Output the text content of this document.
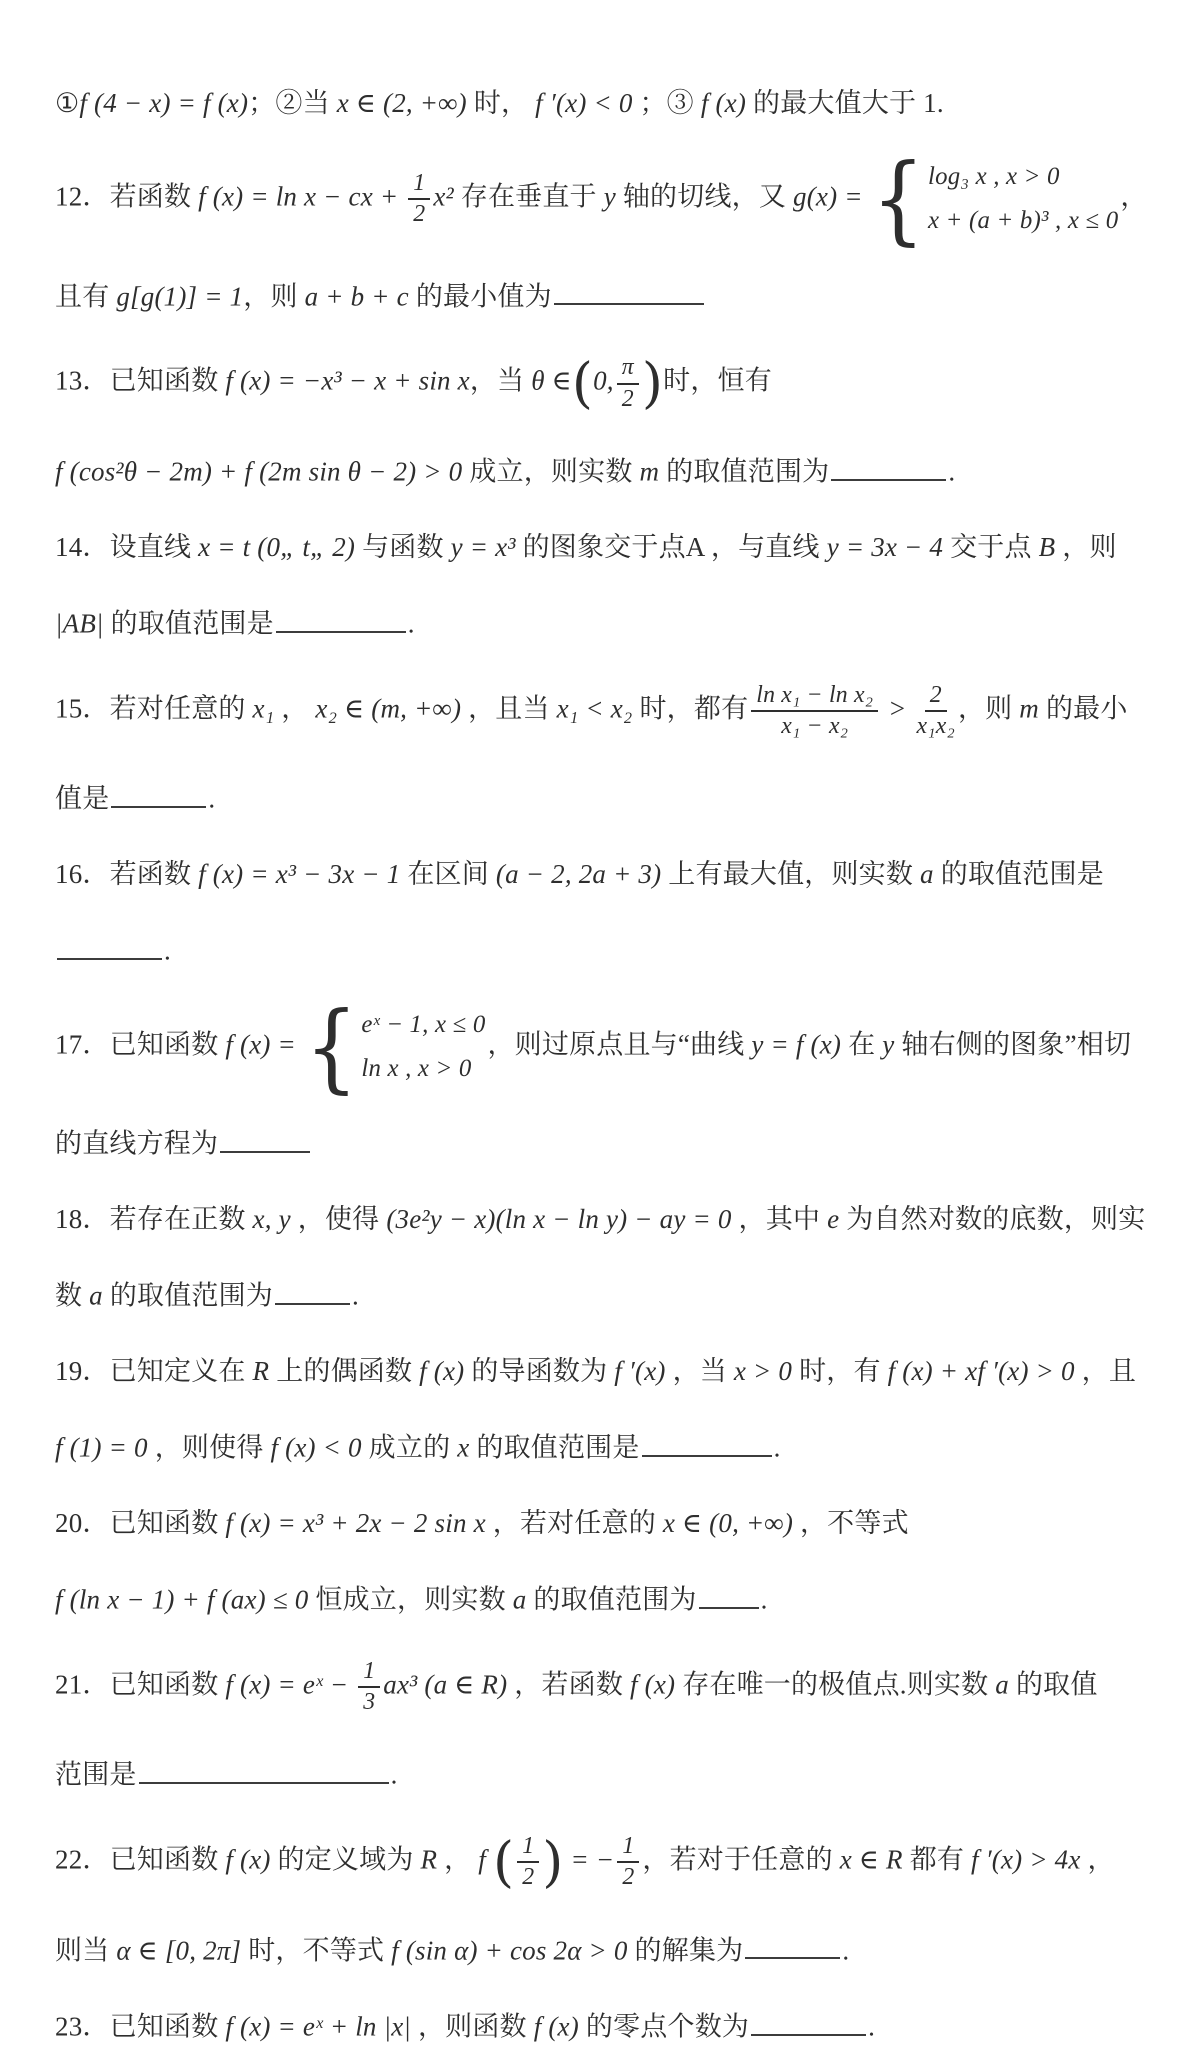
①f (4 − x) = f (x)；②当 x ∈ (2, +∞) 时， f ′(x) < 0 ；③ f (x) 的最大值大于 1.
12．若函数 f (x) = ln x − cx + $\frac{1}{2} x^2$ 存在垂直于 y 轴的切线，又 g(x) = { log₃ x , x > 0
x + (a + b)³ , x ≤ 0
，
且有 g[g(1)] = 1，则 a + b + c 的最小值为
13．已知函数 f (x) = −x³ − x + sin x，当 θ ∈(0, $\frac{\pi}{2}$ )时，恒有
f (cos²θ − 2m) + f (2m sin θ − 2) > 0 成立，则实数 m 的取值范围为	.
14．设直线 x = t (0„ t„ 2) 与函数 y = x³ 的图象交于点A ，与直线 y = 3x − 4 交于点 B ，则
|AB| 的取值范围是	.
15．若对任意的 x₁ ， x₂ ∈ (m, +∞) ，且当 x₁ < x₂ 时，都有 $\frac{\text{ln x₁ − ln x₂}}{\text{x₁ − x₂}} > \frac{2}{\text{x₁x₂}}$ ，则 m 的最小
值是	.
16．若函数 f (x) = x³ − 3x − 1 在区间 (a − 2, 2a + 3) 上有最大值，则实数 a 的取值范围是
.
17．已知函数 f (x) = { eˣ − 1, x ≤ 0
ln x , x > 0
，则过原点且与“曲线 y = f (x) 在 y 轴右侧的图象”相切
的直线方程为
18．若存在正数 x, y ，使得 (3e²y − x)(ln x − ln y) − ay = 0 ，其中 e 为自然对数的底数，则实
数 a 的取值范围为	.
19．已知定义在 R 上的偶函数 f (x) 的导函数为 f ′(x) ，当 x > 0 时，有 f (x) + xf ′(x) > 0 ，且
f (1) = 0 ，则使得 f (x) < 0 成立的 x 的取值范围是	.
20．已知函数 f (x) = x³ + 2x − 2 sin x ，若对任意的 x ∈ (0, +∞) ，不等式
f (ln x − 1) + f (ax) ≤ 0 恒成立，则实数 a 的取值范围为 .
21．已知函数 f (x) = eˣ − $\frac{1}{3} ax^3$ (a ∈ R) ，若函数 f (x) 存在唯一的极值点.则实数 a 的取值
范围是	.
22．已知函数 f (x) 的定义域为 R ， f ( $\frac{1}{2}$ ) = − $\frac{1}{2}$ ，若对于任意的 x ∈ R 都有 f ′(x) > 4x ，
则当 α ∈ [0, 2π] 时，不等式 f (sin α) + cos 2α > 0 的解集为	.
23．已知函数 f (x) = eˣ + ln |x| ，则函数 f (x) 的零点个数为	.
